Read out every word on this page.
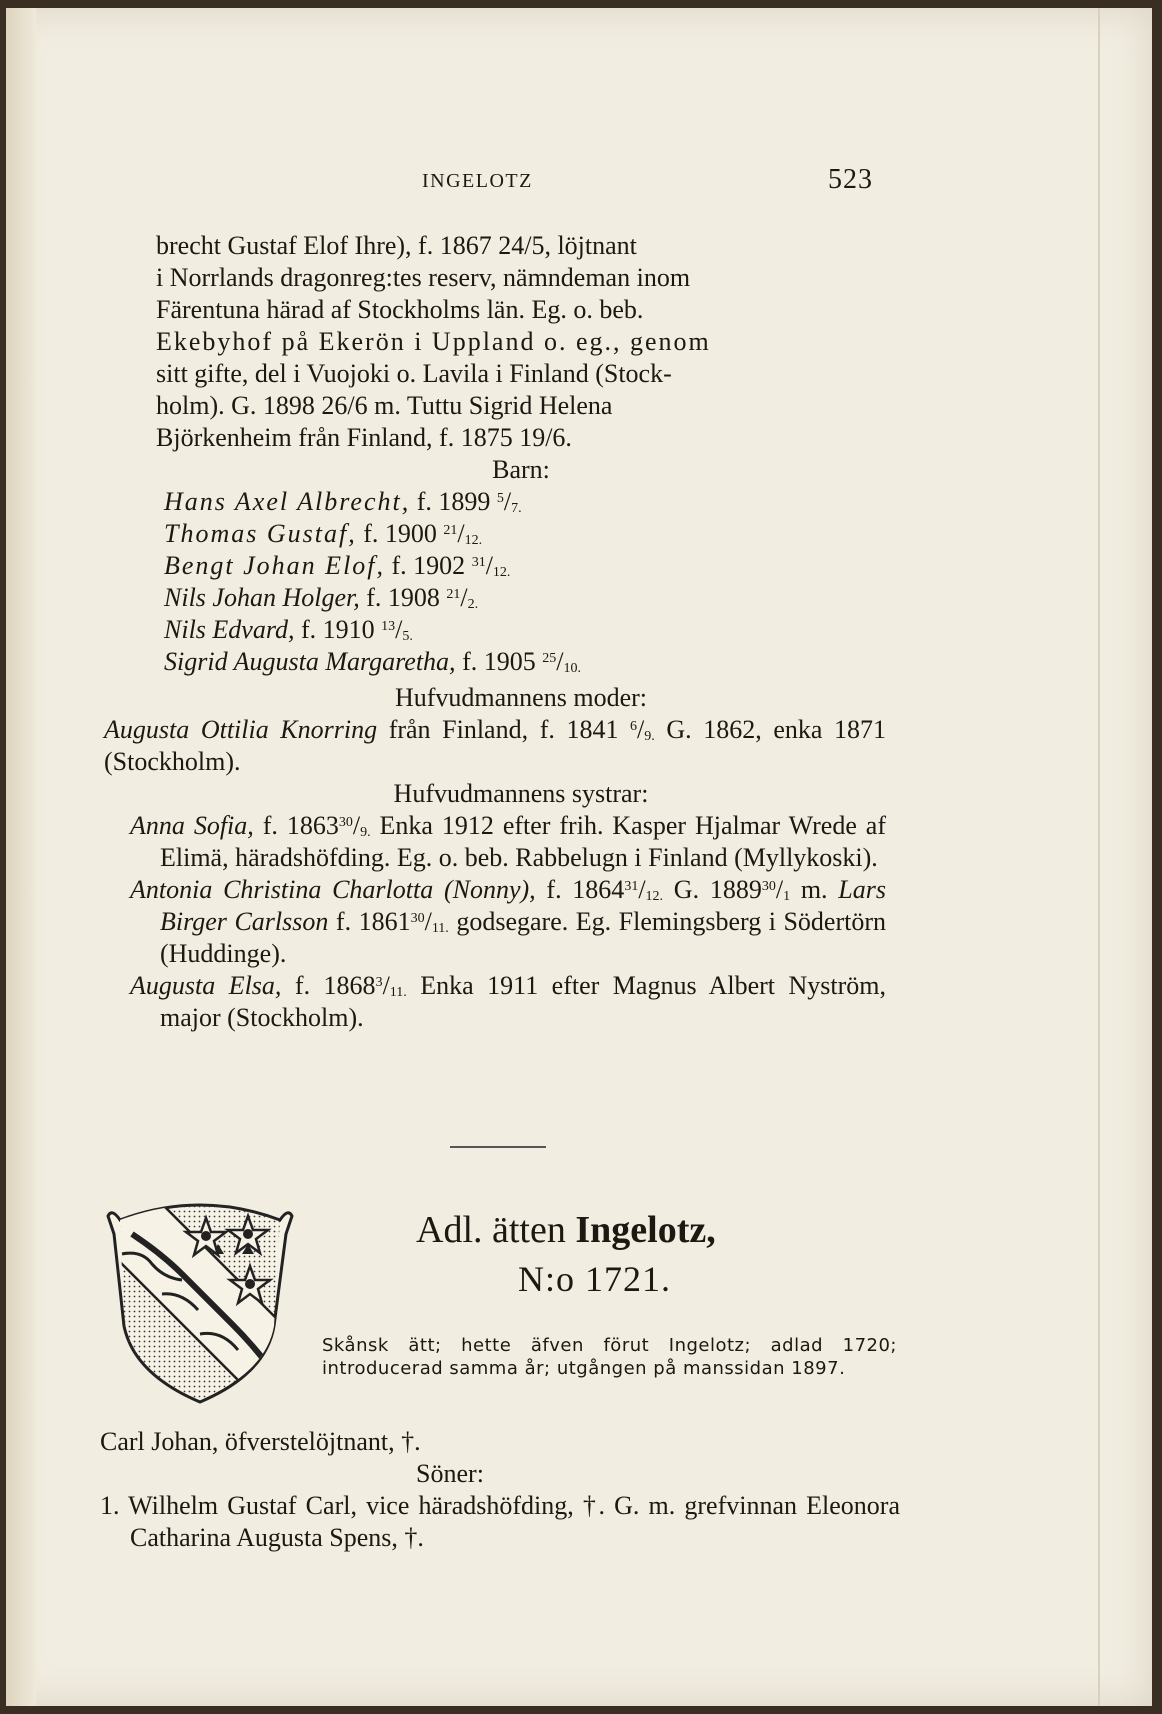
INGELOTZ	523
brecht Gustaf Elof Ihre), f. 1867 24/5, löjtnant
i Norrlands dragonreg:tes reserv, nämndeman inom
Färentuna härad af Stockholms län. Eg. o. beb.
Ekebyhof på Ekerön i Uppland o. eg., genom
sitt gifte, del i Vuojoki o. Lavila i Finland (Stock-
holm). G. 1898 26/6 m. Tuttu Sigrid Helena
Björkenheim från Finland, f. 1875 19/6.
Barn:
Hans Axel Albrecht, f. 1899 $^5/_{7.}$
Thomas Gustaf, f. 1900 $^{21}/_{12.}$
Bengt Johan Elof, f. 1902 $^{31}/_{12.}$
Nils Johan Holger, f. 1908 $^{21}/_{2.}$
Nils Edvard, f. 1910 $^{13}/_{5.}$
Sigrid Augusta Margaretha, f. 1905 $^{25}/_{10.}$
Hufvudmannens moder:
Augusta Ottilia Knorring från Finland, f. 1841 $^6/_{9.}$ G. 1862, enka 1871 (Stockholm).
Hufvudmannens systrar:
Anna Sofia, f. $1863^{30}/_{9.}$ Enka 1912 efter frih. Kasper Hjalmar Wrede af Elimä, häradshöfding. Eg. o. beb. Rabbelugn i Finland (Myllykoski).
Antonia Christina Charlotta (Nonny), f. $1864^{31}/_{12.}$ G. $1889^{30}/_1$ m. Lars Birger Carlsson f. $1861^{30}/_{11.}$ godsegare. Eg. Flemingsberg i Södertörn (Huddinge).
Augusta Elsa, f. $1868^3/_{11.}$ Enka 1911 efter Magnus Albert Nyström, major (Stockholm).
Adl. ätten Ingelotz,
N:o 1721.
Skånsk ätt; hette äfven förut Ingelotz; adlad 1720; introducerad samma år; utgången på manssidan 1897.
Carl Johan, öfverstelöjtnant, †.
Söner:
1. Wilhelm Gustaf Carl, vice häradshöfding, †. G. m. grefvinnan Eleonora Catharina Augusta Spens, †.
